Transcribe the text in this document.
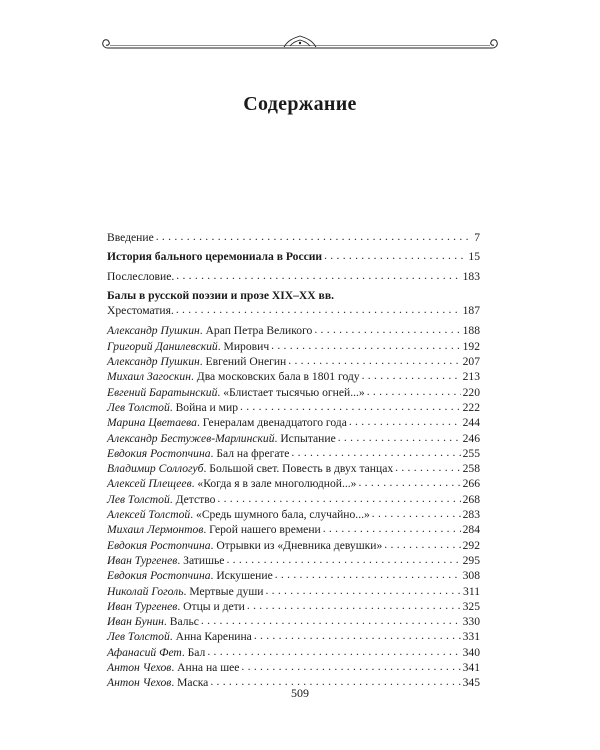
Содержание
Введение . . .	7
История бального церемониала в России . . .	15
Послесловие. . . .	183
Балы в русской поэзии и прозе XIX–XX вв.
Хрестоматия. . . .	187
Александр Пушкин. Арап Петра Великого . . .	188
Григорий Данилевский. Мирович . . .	192
Александр Пушкин. Евгений Онегин . . .	207
Михаил Загоскин. Два московских бала в 1801 году . . .	213
Евгений Баратынский. «Блистает тысячью огней...» . . .	220
Лев Толстой. Война и мир . . .	222
Марина Цветаева. Генералам двенадцатого года . . .	244
Александр Бестужев-Марлинский. Испытание . . .	246
Евдокия Ростопчина. Бал на фрегате . . .	255
Владимир Соллогуб. Большой свет. Повесть в двух танцах . . .	258
Алексей Плещеев. «Когда я в зале многолюдной...» . . .	266
Лев Толстой. Детство . . .	268
Алексей Толстой. «Средь шумного бала, случайно...» . . .	283
Михаил Лермонтов. Герой нашего времени . . .	284
Евдокия Ростопчина. Отрывки из «Дневника девушки» . . .	292
Иван Тургенев. Затишье . . .	295
Евдокия Ростопчина. Искушение . . .	308
Николай Гоголь. Мертвые души . . .	311
Иван Тургенев. Отцы и дети . . .	325
Иван Бунин. Вальс . . .	330
Лев Толстой. Анна Каренина . . .	331
Афанасий Фет. Бал . . .	340
Антон Чехов. Анна на шее . . .	341
Антон Чехов. Маска . . .	345
509
